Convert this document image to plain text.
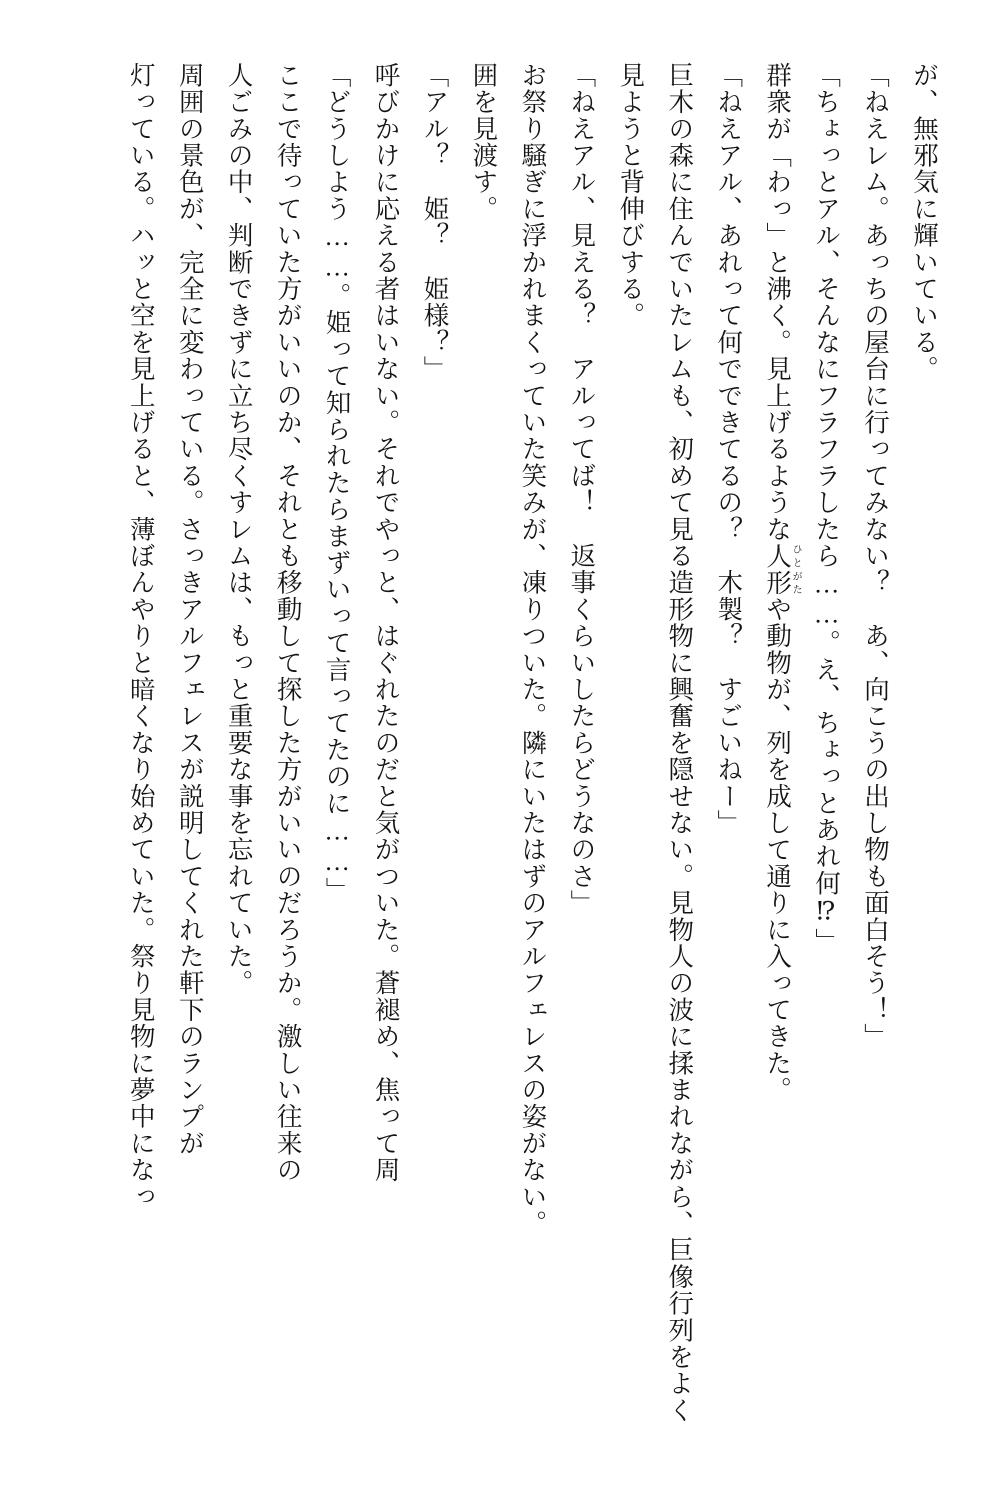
が、無邪気に輝いている。

「ねえレム。あっちの屋台に行ってみない？　あ、向こうの出し物も面白そう！」

「ちょっとアル、そんなにフラフラしたら……。え、ちょっとあれ何⁉」

群衆が「わっ」と沸く。見上げるような人形ひとがたや動物が、列を成して通りに入ってきた。

「ねえアル、あれって何でできてるの？　木製？　すごいねー」

巨木の森に住んでいたレムも、初めて見る造形物に興奮を隠せない。見物人の波に揉まれながら、巨像行列をよく見ようと背伸びする。

「ねえアル、見える？　アルってば！　返事くらいしたらどうなのさ」

お祭り騒ぎに浮かれまくっていた笑みが、凍りついた。隣にいたはずのアルフェレスの姿がない。

囲を見渡す。

「アル？　姫？　姫様？」

呼びかけに応える者はいない。それでやっと、はぐれたのだと気がついた。蒼褪め、焦って周

「どうしよう……。姫って知られたらまずいって言ってたのに……」

ここで待っていた方がいいのか、それとも移動して探した方がいいのだろうか。激しい往来の

人ごみの中、判断できずに立ち尽くすレムは、もっと重要な事を忘れていた。

周囲の景色が、完全に変わっている。さっきアルフェレスが説明してくれた軒下のランプが

灯っている。ハッと空を見上げると、薄ぼんやりと暗くなり始めていた。祭り見物に夢中になっ
